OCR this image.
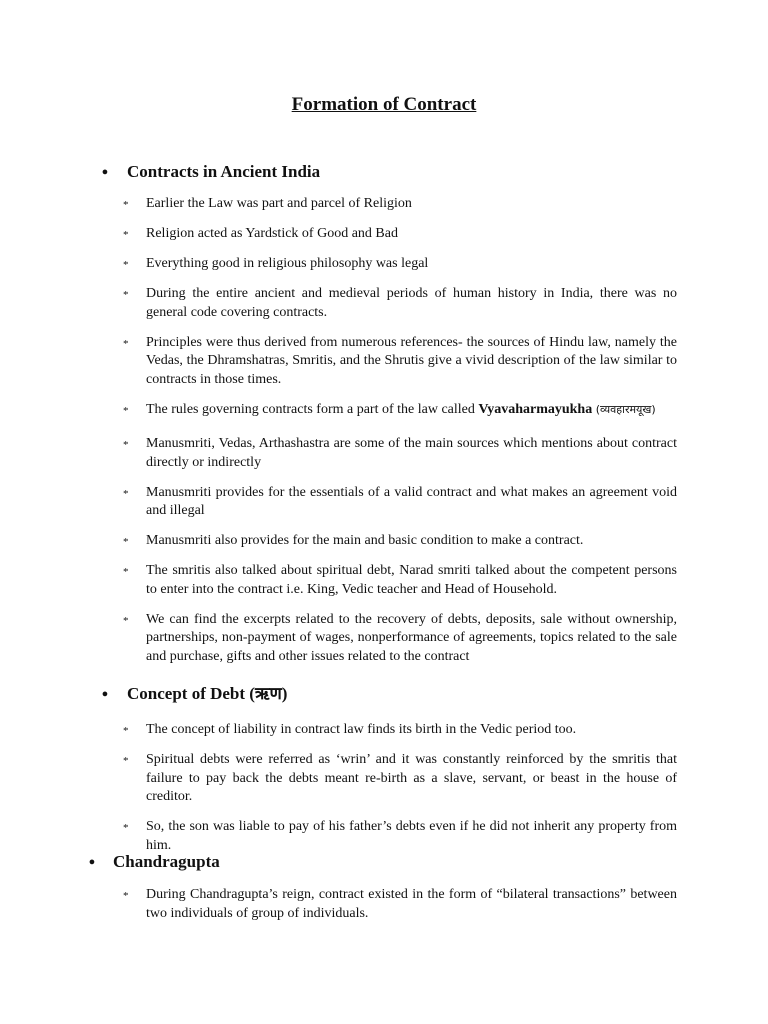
Formation of Contract
● Contracts in Ancient India
* Earlier the Law was part and parcel of Religion
* Religion acted as Yardstick of Good and Bad
* Everything good in religious philosophy was legal
* During the entire ancient and medieval periods of human history in India, there was no general code covering contracts.
* Principles were thus derived from numerous references- the sources of Hindu law, namely the Vedas, the Dhramshatras, Smritis, and the Shrutis give a vivid description of the law similar to contracts in those times.
* The rules governing contracts form a part of the law called Vyavaharmayukha (व्यवहारमयूख)
* Manusmriti, Vedas, Arthashastra are some of the main sources which mentions about contract directly or indirectly
* Manusmriti provides for the essentials of a valid contract and what makes an agreement void and illegal
* Manusmriti also provides for the main and basic condition to make a contract.
* The smritis also talked about spiritual debt, Narad smriti talked about the competent persons to enter into the contract i.e. King, Vedic teacher and Head of Household.
* We can find the excerpts related to the recovery of debts, deposits, sale without ownership, partnerships, non-payment of wages, nonperformance of agreements, topics related to the sale and purchase, gifts and other issues related to the contract
● Concept of Debt (ऋण)
* The concept of liability in contract law finds its birth in the Vedic period too.
* Spiritual debts were referred as ‘wrin’ and it was constantly reinforced by the smritis that failure to pay back the debts meant re-birth as a slave, servant, or beast in the house of creditor.
* So, the son was liable to pay of his father’s debts even if he did not inherit any property from him.
● Chandragupta
* During Chandragupta’s reign, contract existed in the form of “bilateral transactions” between two individuals of group of individuals.
